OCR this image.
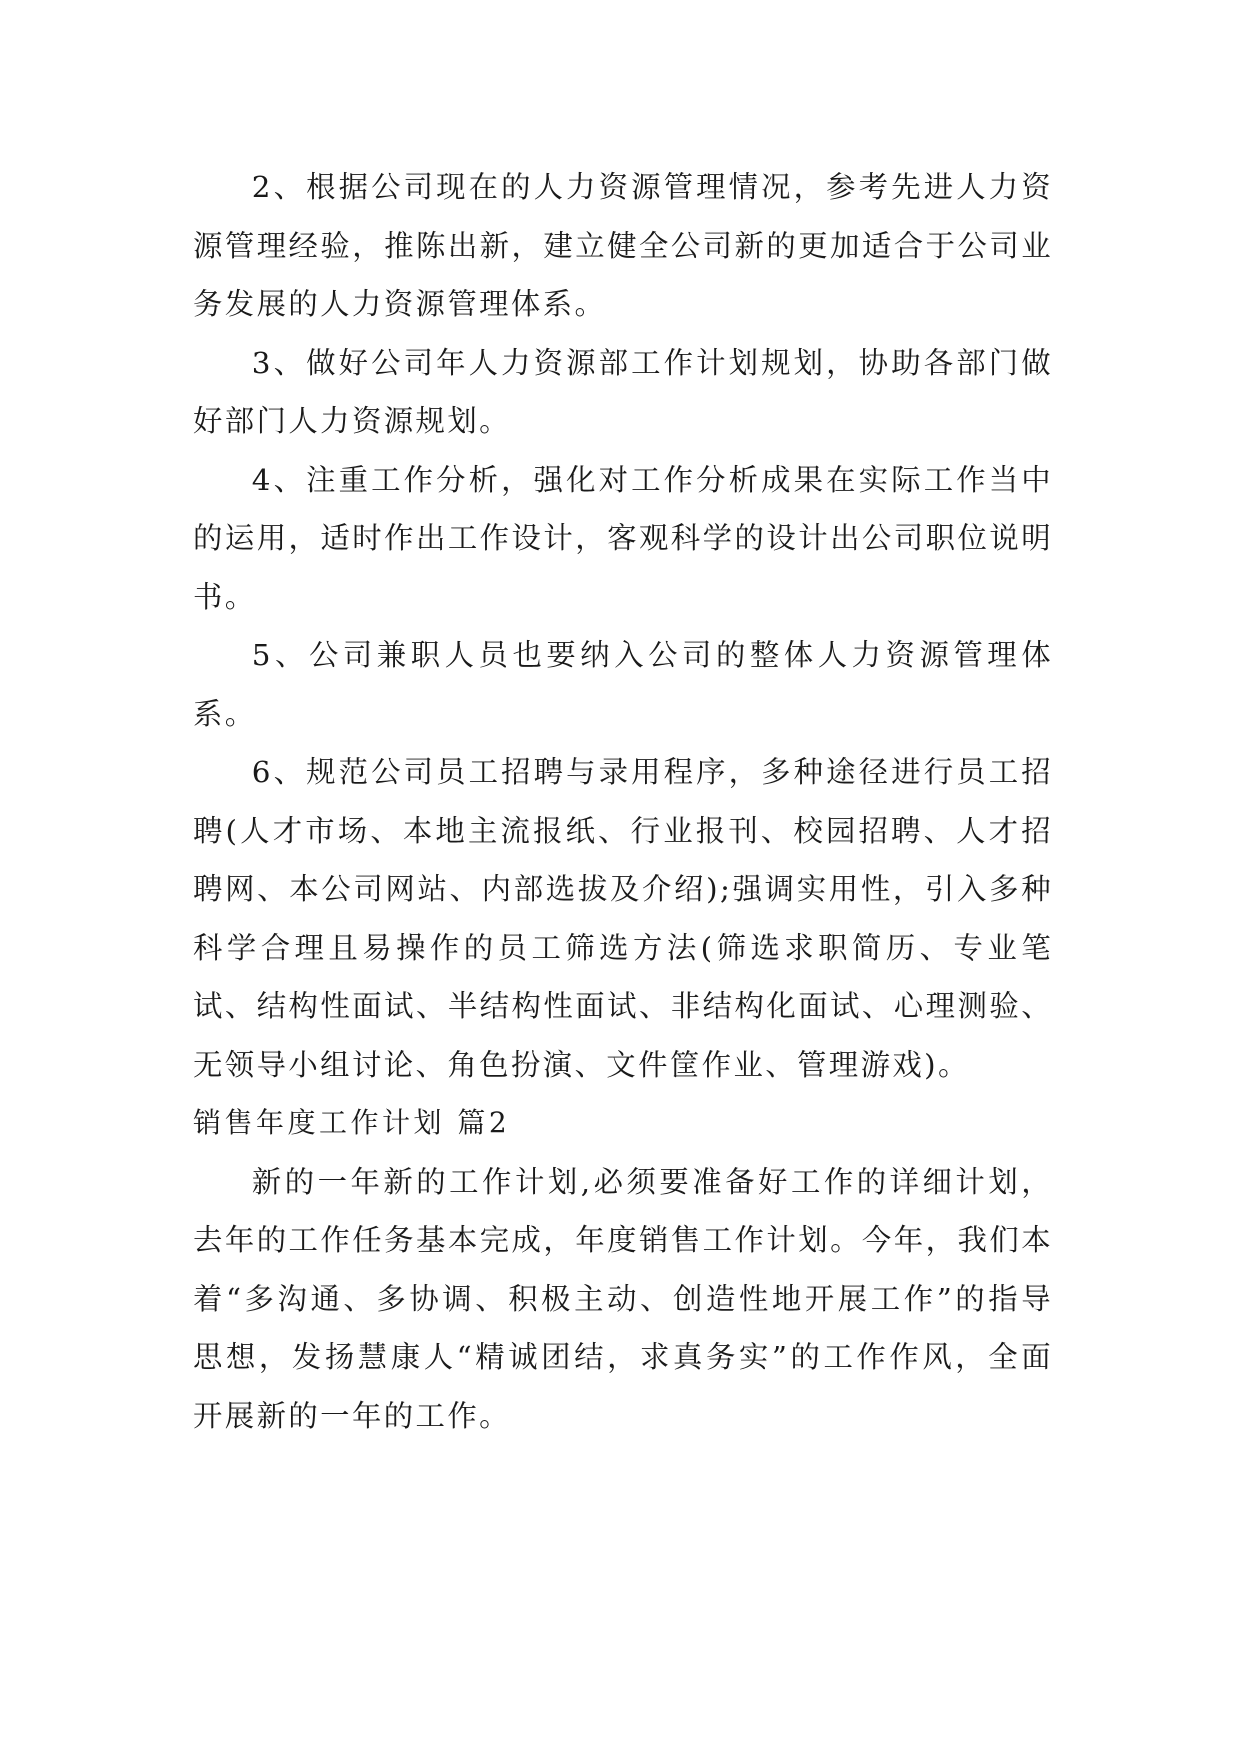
2、根据公司现在的人力资源管理情况，参考先进人力资源管理经验，推陈出新，建立健全公司新的更加适合于公司业务发展的人力资源管理体系。

3、做好公司年人力资源部工作计划规划，协助各部门做好部门人力资源规划。

4、注重工作分析，强化对工作分析成果在实际工作当中的运用，适时作出工作设计，客观科学的设计出公司职位说明书。

5、公司兼职人员也要纳入公司的整体人力资源管理体系。

6、规范公司员工招聘与录用程序，多种途径进行员工招聘(人才市场、本地主流报纸、行业报刊、校园招聘、人才招聘网、本公司网站、内部选拔及介绍);强调实用性，引入多种科学合理且易操作的员工筛选方法(筛选求职简历、专业笔试、结构性面试、半结构性面试、非结构化面试、心理测验、无领导小组讨论、角色扮演、文件筐作业、管理游戏)。

销售年度工作计划 篇2

新的一年新的工作计划,必须要准备好工作的详细计划，去年的工作任务基本完成，年度销售工作计划。今年，我们本着“多沟通、多协调、积极主动、创造性地开展工作”的指导思想，发扬慧康人“精诚团结，求真务实”的工作作风，全面开展新的一年的工作。
